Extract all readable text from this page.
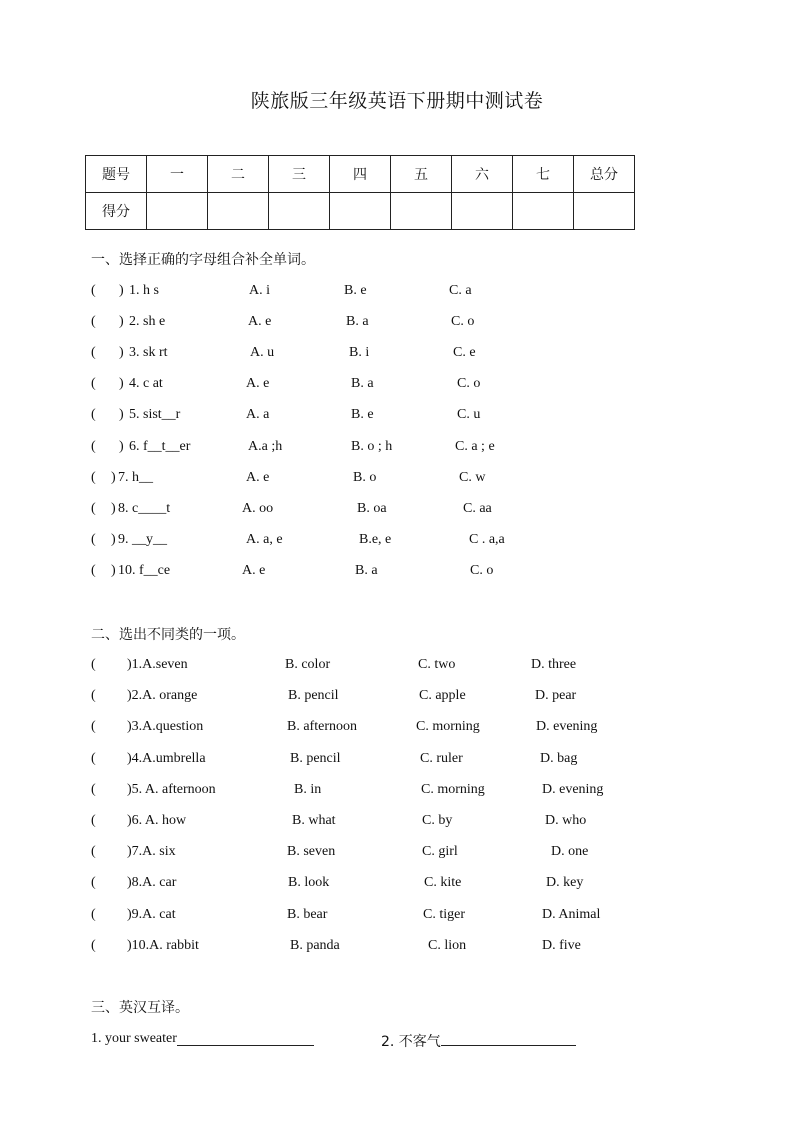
陕旅版三年级英语下册期中测试卷
题号	一	二	三	四	五	六	七	总分
得分								
一、选择正确的字母组合补全单词。
( ) 1. h s	A. i	B. e	C. a
( ) 2. sh e	A. e	B. a	C. o
( ) 3. sk rt	A. u	B. i	C. e
( ) 4. c at	A. e	B. a	C. o
( ) 5. sist__r	A. a	B. e	C. u
( ) 6. f__t__er	A.a ;h	B. o ; h	C. a ; e
( ) 7. h__	A. e	B. o	C. w
( ) 8. c____t	A. oo	B. oa	C. aa
( ) 9. __y__	A. a, e	B.e, e	C . a,a
( ) 10. f__ce	A. e	B. a	C. o
二、选出不同类的一项。
( )1.A.seven	B. color	C. two	D. three
( )2.A. orange	B. pencil	C. apple	D. pear
( )3.A.question	B. afternoon	C. morning	D. evening
( )4.A.umbrella	B. pencil	C. ruler	D. bag
( )5. A. afternoon	B. in	C. morning	D. evening
( )6. A. how	B. what	C. by	D. who
( )7.A. six	B. seven	C. girl	D. one
( )8.A. car	B. look	C. kite	D. key
( )9.A. cat	B. bear	C. tiger	D. Animal
( )10.A. rabbit	B. panda	C. lion	D. five
三、英汉互译。
1. your sweater	2. 不客气
